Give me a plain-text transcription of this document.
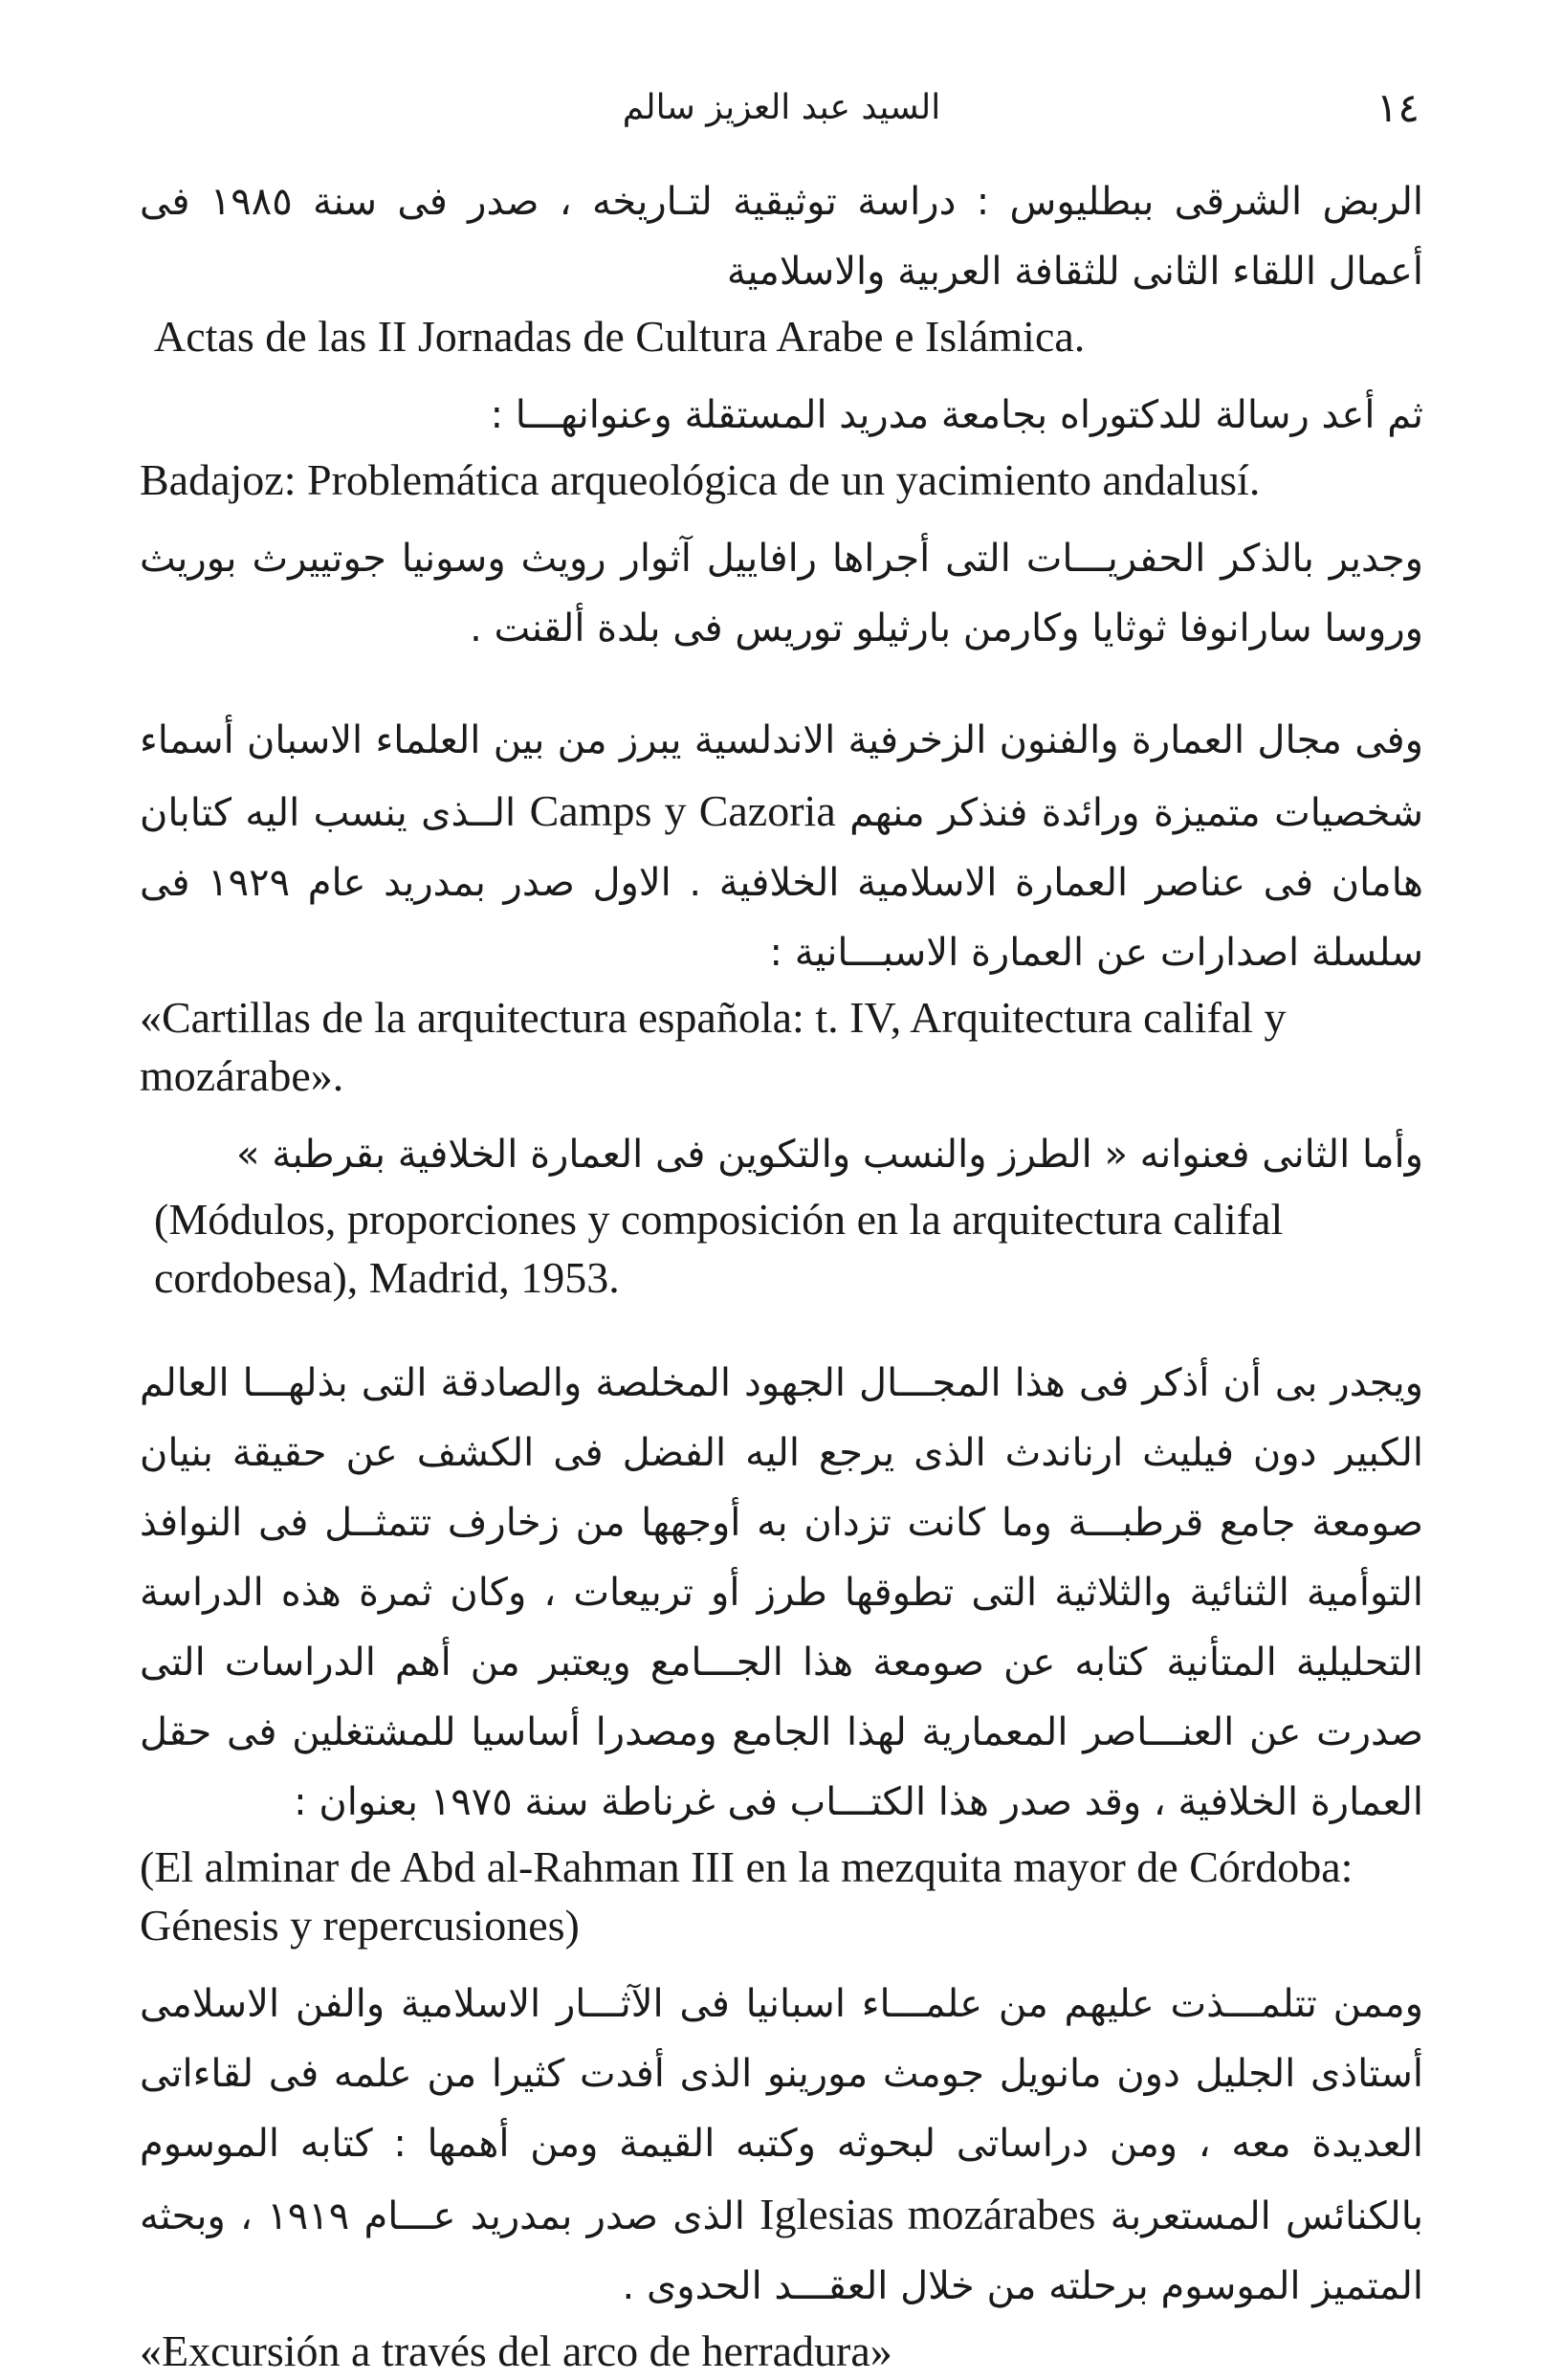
١٤
السيد عبد العزيز سالم

الربض الشرقى ببطليوس : دراسة توثيقية لتـاريخه ، صدر فى سنة ١٩٨٥ فى أعمال اللقاء الثانى للثقافة العربية والاسلامية

Actas de las II Jornadas de Cultura Arabe e Islámica.

ثم أعد رسالة للدكتوراه بجامعة مدريد المستقلة وعنوانهـــا :

Badajoz: Problemática arqueológica de un yacimiento andalusí.

وجدير بالذكر الحفريـــات التى أجراها رافاييل آثوار رويث وسونيا جوتييرث بوريث وروسا سارانوفا ثوثايا وكارمن بارثيلو توريس فى بلدة ألقنت .

وفى مجال العمارة والفنون الزخرفية الاندلسية يبرز من بين العلماء الاسبان أسماء شخصيات متميزة ورائدة فنذكر منهم Camps y Cazoria الــذى ينسب اليه كتابان هامان فى عناصر العمارة الاسلامية الخلافية . الاول صدر بمدريد عام ١٩٢٩ فى سلسلة اصدارات عن العمارة الاسبـــانية :

«Cartillas de la arquitectura española: t. IV, Arquitectura califal y mozárabe».

وأما الثانى فعنوانه « الطرز والنسب والتكوين فى العمارة الخلافية بقرطبة »

(Módulos, proporciones y composición en la arquitectura califal cordobesa), Madrid, 1953.

ويجدر بى أن أذكر فى هذا المجـــال الجهود المخلصة والصادقة التى بذلهـــا العالم الكبير دون فيليث ارناندث الذى يرجع اليه الفضل فى الكشف عن حقيقة بنيان صومعة جامع قرطبـــة وما كانت تزدان به أوجهها من زخارف تتمثــل فى النوافذ التوأمية الثنائية والثلاثية التى تطوقها طرز أو تربيعات ، وكان ثمرة هذه الدراسة التحليلية المتأنية كتابه عن صومعة هذا الجـــامع ويعتبر من أهم الدراسات التى صدرت عن العنـــاصر المعمارية لهذا الجامع ومصدرا أساسيا للمشتغلين فى حقل العمارة الخلافية ، وقد صدر هذا الكتـــاب فى غرناطة سنة ١٩٧٥ بعنوان :

(El alminar de Abd al-Rahman III en la mezquita mayor de Córdoba: Génesis y repercusiones)

وممن تتلمـــذت عليهم من علمـــاء اسبانيا فى الآثـــار الاسلامية والفن الاسلامى أستاذى الجليل دون مانويل جومث مورينو الذى أفدت كثيرا من علمه فى لقاءاتى العديدة معه ، ومن دراساتى لبحوثه وكتبه القيمة ومن أهمها : كتابه الموسوم بالكنائس المستعربة Iglesias mozárabes الذى صدر بمدريد عـــام ١٩١٩ ، وبحثه المتميز الموسوم برحلته من خلال العقـــد الحدوى .

«Excursión a través del arco de herradura»
